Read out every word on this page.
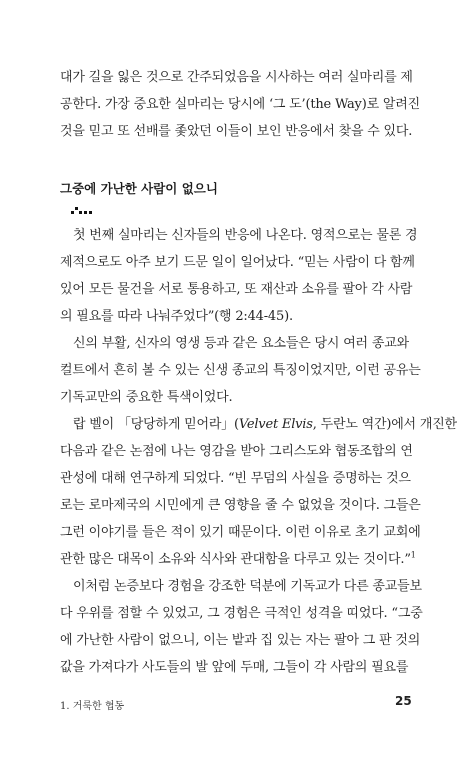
대가 길을 잃은 것으로 간주되었음을 시사하는 여러 실마리를 제
공한다. 가장 중요한 실마리는 당시에 ‘그 도’(the Way)로 알려진
것을 믿고 또 선배를 좇았던 이들이 보인 반응에서 찾을 수 있다.
그중에 가난한 사람이 없으니
첫 번째 실마리는 신자들의 반응에 나온다. 영적으로는 물론 경
제적으로도 아주 보기 드문 일이 일어났다. “믿는 사람이 다 함께
있어 모든 물건을 서로 통용하고, 또 재산과 소유를 팔아 각 사람
의 필요를 따라 나눠주었다”(행 2:44-45).
신의 부활, 신자의 영생 등과 같은 요소들은 당시 여러 종교와
컬트에서 흔히 볼 수 있는 신생 종교의 특징이었지만, 이런 공유는
기독교만의 중요한 특색이었다.
랍 벨이 「당당하게 믿어라」(Velvet Elvis, 두란노 역간)에서 개진한
다음과 같은 논점에 나는 영감을 받아 그리스도와 협동조합의 연
관성에 대해 연구하게 되었다. “빈 무덤의 사실을 증명하는 것으
로는 로마제국의 시민에게 큰 영향을 줄 수 없었을 것이다. 그들은
그런 이야기를 들은 적이 있기 때문이다. 이런 이유로 초기 교회에
관한 많은 대목이 소유와 식사와 관대함을 다루고 있는 것이다.”$^1$
이처럼 논증보다 경험을 강조한 덕분에 기독교가 다른 종교들보
다 우위를 점할 수 있었고, 그 경험은 극적인 성격을 띠었다. “그중
에 가난한 사람이 없으니, 이는 밭과 집 있는 자는 팔아 그 판 것의
값을 가져다가 사도들의 발 앞에 두매, 그들이 각 사람의 필요를
1. 거룩한 협동	25
